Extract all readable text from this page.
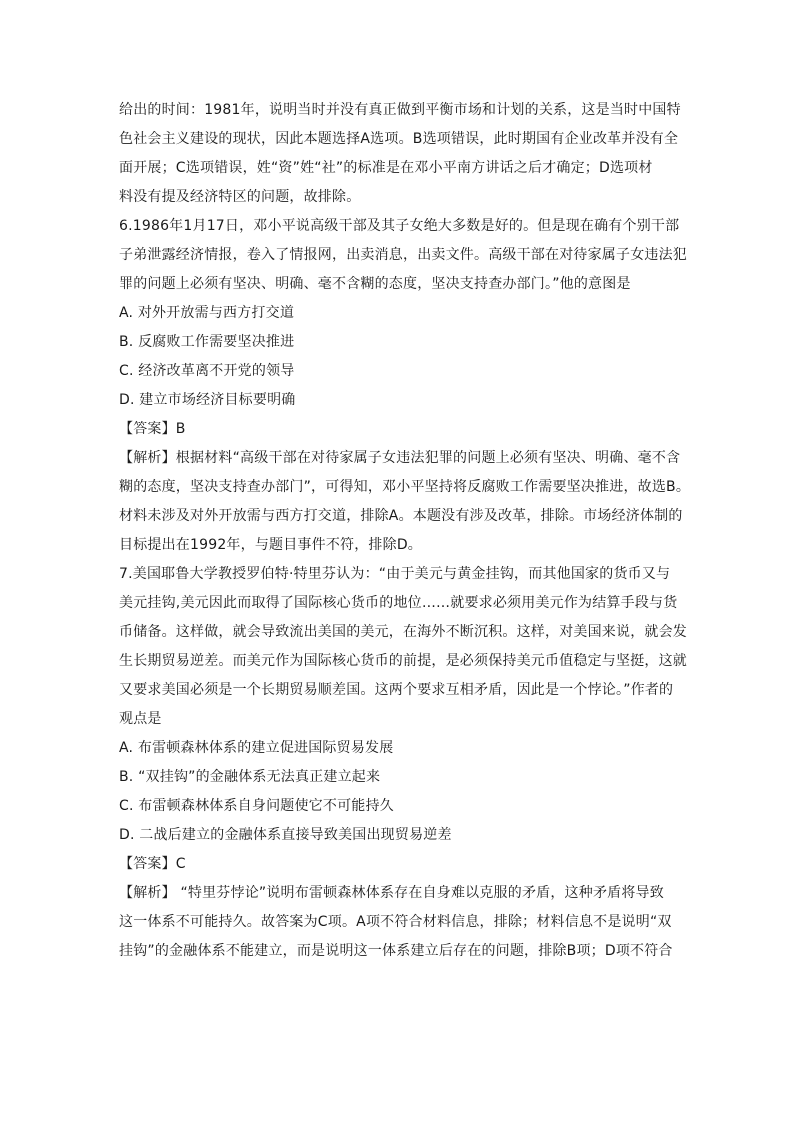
给出的时间：1981年，说明当时并没有真正做到平衡市场和计划的关系，这是当时中国特
色社会主义建设的现状，因此本题选择A选项。B选项错误，此时期国有企业改革并没有全
面开展；C选项错误，姓“资”姓“社”的标准是在邓小平南方讲话之后才确定；D选项材
料没有提及经济特区的问题，故排除。
6.1986年1月17日，邓小平说高级干部及其子女绝大多数是好的。但是现在确有个别干部
子弟泄露经济情报，卷入了情报网，出卖消息，出卖文件。高级干部在对待家属子女违法犯
罪的问题上必须有坚决、明确、毫不含糊的态度，坚决支持查办部门。”他的意图是
A. 对外开放需与西方打交道
B. 反腐败工作需要坚决推进
C. 经济改革离不开党的领导
D. 建立市场经济目标要明确
【答案】B
【解析】根据材料“高级干部在对待家属子女违法犯罪的问题上必须有坚决、明确、毫不含
糊的态度，坚决支持查办部门”，可得知，邓小平坚持将反腐败工作需要坚决推进，故选B。
材料未涉及对外开放需与西方打交道，排除A。本题没有涉及改革，排除。市场经济体制的
目标提出在1992年，与题目事件不符，排除D。
7.美国耶鲁大学教授罗伯特·特里芬认为：“由于美元与黄金挂钩，而其他国家的货币又与
美元挂钩,美元因此而取得了国际核心货币的地位……就要求必须用美元作为结算手段与货
币储备。这样做，就会导致流出美国的美元，在海外不断沉积。这样，对美国来说，就会发
生长期贸易逆差。而美元作为国际核心货币的前提，是必须保持美元币值稳定与坚挺，这就
又要求美国必须是一个长期贸易顺差国。这两个要求互相矛盾，因此是一个悖论。”作者的
观点是
A. 布雷顿森林体系的建立促进国际贸易发展
B. “双挂钩”的金融体系无法真正建立起来
C. 布雷顿森林体系自身问题使它不可能持久
D. 二战后建立的金融体系直接导致美国出现贸易逆差
【答案】C
【解析】 “特里芬悖论”说明布雷顿森林体系存在自身难以克服的矛盾，这种矛盾将导致
这一体系不可能持久。故答案为C项。A项不符合材料信息，排除；材料信息不是说明“双
挂钩”的金融体系不能建立，而是说明这一体系建立后存在的问题，排除B项；D项不符合
